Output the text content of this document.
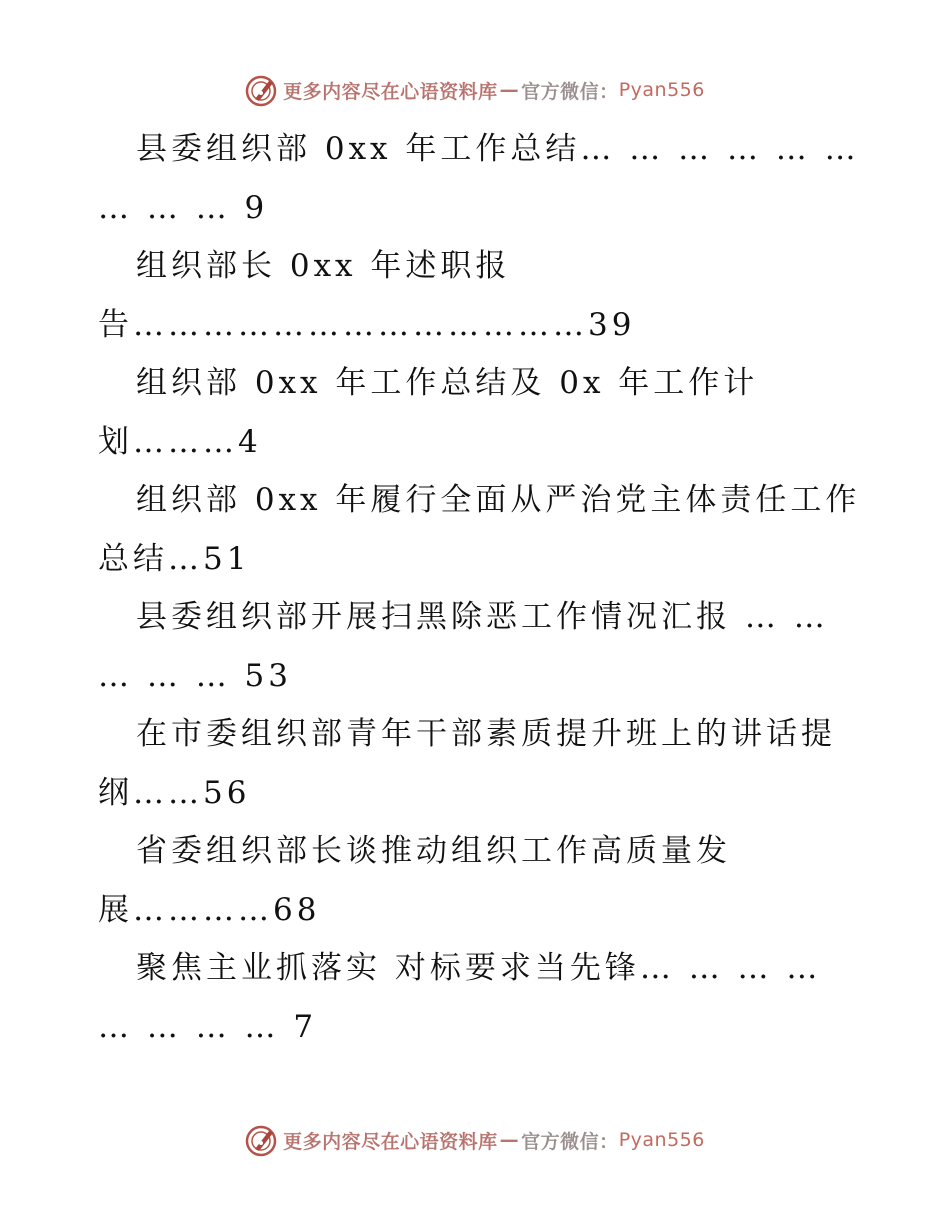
更多内容尽在心语资料库 — 官方微信： Pyan556
县委组织部 0xx 年工作总结… … … … … …
… … … 9
组织部长 0xx 年述职报
告…………………………………39
组织部 0xx 年工作总结及 0x 年工作计
划………4
组织部 0xx 年履行全面从严治党主体责任工作
总结…51
县委组织部开展扫黑除恶工作情况汇报 … …
… … … 53
在市委组织部青年干部素质提升班上的讲话提
纲……56
省委组织部长谈推动组织工作高质量发
展…………68
聚焦主业抓落实 对标要求当先锋… … … …
… … … … 7
更多内容尽在心语资料库 — 官方微信： Pyan556
